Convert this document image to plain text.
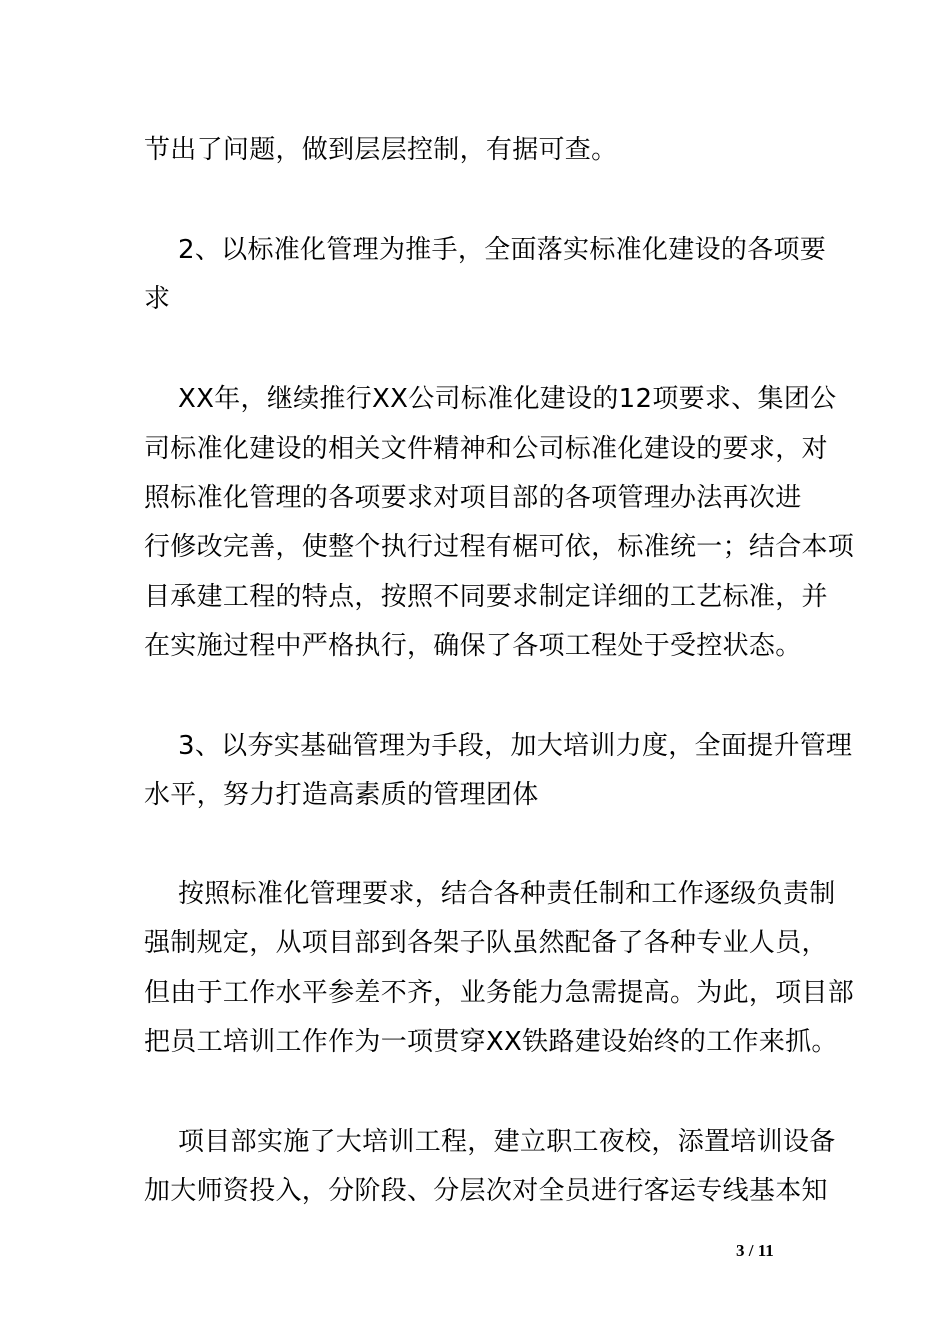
节出了问题，做到层层控制，有据可查。
2、以标准化管理为推手，全面落实标准化建设的各项要
求
XX年，继续推行XX公司标准化建设的12项要求、集团公
司标准化建设的相关文件精神和公司标准化建设的要求，对
照标准化管理的各项要求对项目部的各项管理办法再次进
行修改完善，使整个执行过程有椐可依，标准统一；结合本项
目承建工程的特点，按照不同要求制定详细的工艺标准，并
在实施过程中严格执行，确保了各项工程处于受控状态。
3、以夯实基础管理为手段，加大培训力度，全面提升管理
水平，努力打造高素质的管理团体
按照标准化管理要求，结合各种责任制和工作逐级负责制
强制规定，从项目部到各架子队虽然配备了各种专业人员，
但由于工作水平参差不齐，业务能力急需提高。为此，项目部
把员工培训工作作为一项贯穿XX铁路建设始终的工作来抓。
项目部实施了大培训工程，建立职工夜校，添置培训设备
加大师资投入，分阶段、分层次对全员进行客运专线基本知
3 / 11
